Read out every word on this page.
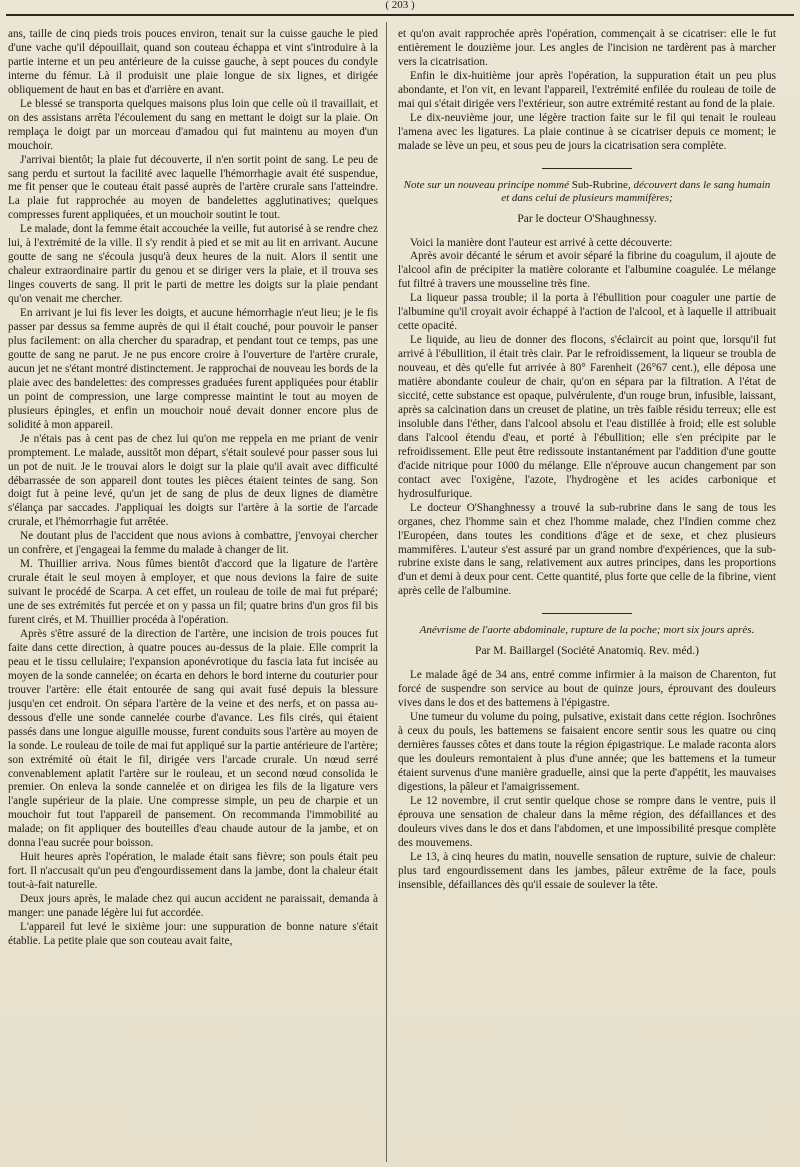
( 203 )

ans, taille de cinq pieds trois pouces environ, tenait sur la cuisse gauche le pied d'une vache qu'il dépouillait, quand son couteau échappa et vint s'introduire à la partie interne et un peu antérieure de la cuisse gauche, à sept pouces du condyle interne du fémur. Là il produisit une plaie longue de six lignes, et dirigée obliquement de haut en bas et d'arrière en avant.

Le blessé se transporta quelques maisons plus loin que celle où il travaillait, et on des assistans arrêta l'écoulement du sang en mettant le doigt sur la plaie. On remplaça le doigt par un morceau d'amadou qui fut maintenu au moyen d'un mouchoir.

J'arrivai bientôt; la plaie fut découverte, il n'en sortit point de sang. Le peu de sang perdu et surtout la facilité avec laquelle l'hémorrhagie avait été suspendue, me fit penser que le couteau était passé auprès de l'artère crurale sans l'atteindre. La plaie fut rapprochée au moyen de bandelettes agglutinatives; quelques compresses furent appliquées, et un mouchoir soutint le tout.

Le malade, dont la femme était accouchée la veille, fut autorisé à se rendre chez lui, à l'extrémité de la ville. Il s'y rendit à pied et se mit au lit en arrivant. Aucune goutte de sang ne s'écoula jusqu'à deux heures de la nuit. Alors il sentit une chaleur extraordinaire partir du genou et se diriger vers la plaie, et il trouva ses linges couverts de sang. Il prit le parti de mettre les doigts sur la plaie pendant qu'on venait me chercher.

En arrivant je lui fis lever les doigts, et aucune hémorrhagie n'eut lieu; je le fis passer par dessus sa femme auprès de qui il était couché, pour pouvoir le panser plus facilement: on alla chercher du sparadrap, et pendant tout ce temps, pas une goutte de sang ne parut. Je ne pus encore croire à l'ouverture de l'artère crurale, aucun jet ne s'étant montré distinctement. Je rapprochai de nouveau les bords de la plaie avec des bandelettes: des compresses graduées furent appliquées pour établir un point de compression, une large compresse maintint le tout au moyen de plusieurs épingles, et enfin un mouchoir noué devait donner encore plus de solidité à mon appareil.

Je n'étais pas à cent pas de chez lui qu'on me reppela en me priant de venir promptement. Le malade, aussitôt mon départ, s'était soulevé pour passer sous lui un pot de nuit. Je le trouvai alors le doigt sur la plaie qu'il avait avec difficulté débarrassée de son appareil dont toutes les pièces étaient teintes de sang. Son doigt fut à peine levé, qu'un jet de sang de plus de deux lignes de diamètre s'élança par saccades. J'appliquai les doigts sur l'artère à la sortie de l'arcade crurale, et l'hémorrhagie fut arrêtée.

Ne doutant plus de l'accident que nous avions à combattre, j'envoyai chercher un confrère, et j'engageai la femme du malade à changer de lit.

M. Thuillier arriva. Nous fûmes bientôt d'accord que la ligature de l'artère crurale était le seul moyen à employer, et que nous devions la faire de suite suivant le procédé de Scarpa. A cet effet, un rouleau de toile de mai fut préparé; une de ses extrémités fut percée et on y passa un fil; quatre brins d'un gros fil bis furent cirés, et M. Thuillier procéda à l'opération.

Après s'être assuré de la direction de l'artère, une incision de trois pouces fut faite dans cette direction, à quatre pouces au-dessus de la plaie. Elle comprit la peau et le tissu cellulaire; l'expansion aponévrotique du fascia lata fut incisée au moyen de la sonde cannelée; on écarta en dehors le bord interne du couturier pour trouver l'artère: elle était entourée de sang qui avait fusé depuis la blessure jusqu'en cet endroit. On sépara l'artère de la veine et des nerfs, et on passa au-dessous d'elle une sonde cannelée courbe d'avance. Les fils cirés, qui étaient passés dans une longue aiguille mousse, furent conduits sous l'artère au moyen de la sonde. Le rouleau de toile de mai fut appliqué sur la partie antérieure de l'artère; son extrémité où était le fil, dirigée vers l'arcade crurale. Un nœud serré convenablement aplatit l'artère sur le rouleau, et un second nœud consolida le premier. On enleva la sonde cannelée et on dirigea les fils de la ligature vers l'angle supérieur de la plaie. Une compresse simple, un peu de charpie et un mouchoir fut tout l'appareil de pansement. On recommanda l'immobilité au malade; on fit appliquer des bouteilles d'eau chaude autour de la jambe, et on donna l'eau sucrée pour boisson.

Huit heures après l'opération, le malade était sans fièvre; son pouls était peu fort. Il n'accusait qu'un peu d'engourdissement dans la jambe, dont la chaleur était tout-à-fait naturelle.

Deux jours après, le malade chez qui aucun accident ne paraissait, demanda à manger: une panade légère lui fut accordée.

L'appareil fut levé le sixième jour: une suppuration de bonne nature s'était établie. La petite plaie que son couteau avait faite,

et qu'on avait rapprochée après l'opération, commençait à se cicatriser: elle le fut entièrement le douzième jour. Les angles de l'incision ne tardèrent pas à marcher vers la cicatrisation.

Enfin le dix-huitième jour après l'opération, la suppuration était un peu plus abondante, et l'on vit, en levant l'appareil, l'extrémité enfilée du rouleau de toile de mai qui s'était dirigée vers l'extérieur, son autre extrémité restant au fond de la plaie.

Le dix-neuvième jour, une légère traction faite sur le fil qui tenait le rouleau l'amena avec les ligatures. La plaie continue à se cicatriser depuis ce moment; le malade se lève un peu, et sous peu de jours la cicatrisation sera complète.

Note sur un nouveau principe nommé Sub-Rubrine, découvert dans le sang humain et dans celui de plusieurs mammifères;

Par le docteur O'Shaughnessy.

Voici la manière dont l'auteur est arrivé à cette découverte:

Après avoir décanté le sérum et avoir séparé la fibrine du coagulum, il ajoute de l'alcool afin de précipiter la matière colorante et l'albumine coagulée. Le mélange fut filtré à travers une mousseline très fine.

La liqueur passa trouble; il la porta à l'ébullition pour coaguler une partie de l'albumine qu'il croyait avoir échappé à l'action de l'alcool, et à laquelle il attribuait cette opacité.

Le liquide, au lieu de donner des flocons, s'éclaircit au point que, lorsqu'il fut arrivé à l'ébullition, il était très clair. Par le refroidissement, la liqueur se troubla de nouveau, et dès qu'elle fut arrivée à 80° Farenheit (26°67 cent.), elle déposa une matière abondante couleur de chair, qu'on en sépara par la filtration. A l'état de siccité, cette substance est opaque, pulvérulente, d'un rouge brun, infusible, laissant, après sa calcination dans un creuset de platine, un très faible résidu terreux; elle est insoluble dans l'éther, dans l'alcool absolu et l'eau distillée à froid; elle est soluble dans l'alcool étendu d'eau, et porté à l'ébullition; elle s'en précipite par le refroidissement. Elle peut être redissoute instantanément par l'addition d'une goutte d'acide nitrique pour 1000 du mélange. Elle n'éprouve aucun changement par son contact avec l'oxigène, l'azote, l'hydrogène et les acides carbonique et hydrosulfurique.

Le docteur O'Shanghnessy a trouvé la sub-rubrine dans le sang de tous les organes, chez l'homme sain et chez l'homme malade, chez l'Indien comme chez l'Européen, dans toutes les conditions d'âge et de sexe, et chez plusieurs mammifères. L'auteur s'est assuré par un grand nombre d'expériences, que la sub-rubrine existe dans le sang, relativement aux autres principes, dans les proportions d'un et demi à deux pour cent. Cette quantité, plus forte que celle de la fibrine, vient après celle de l'albumine.

Anévrisme de l'aorte abdominale, rupture de la poche; mort six jours après.

Par M. Baillargel (Société Anatomiq. Rev. méd.)

Le malade âgé de 34 ans, entré comme infirmier à la maison de Charenton, fut forcé de suspendre son service au bout de quinze jours, éprouvant des douleurs vives dans le dos et des battemens à l'épigastre.

Une tumeur du volume du poing, pulsative, existait dans cette région. Isochrônes à ceux du pouls, les battemens se faisaient encore sentir sous les quatre ou cinq dernières fausses côtes et dans toute la région épigastrique. Le malade raconta alors que les douleurs remontaient à plus d'une année; que les battemens et la tumeur étaient survenus d'une manière graduelle, ainsi que la perte d'appétit, les mauvaises digestions, la pâleur et l'amaigrissement.

Le 12 novembre, il crut sentir quelque chose se rompre dans le ventre, puis il éprouva une sensation de chaleur dans la même région, des défaillances et des douleurs vives dans le dos et dans l'abdomen, et une impossibilité presque complète des mouvemens.

Le 13, à cinq heures du matin, nouvelle sensation de rupture, suivie de chaleur: plus tard engourdissement dans les jambes, pâleur extrême de la face, pouls insensible, défaillances dès qu'il essaie de soulever la tête.
